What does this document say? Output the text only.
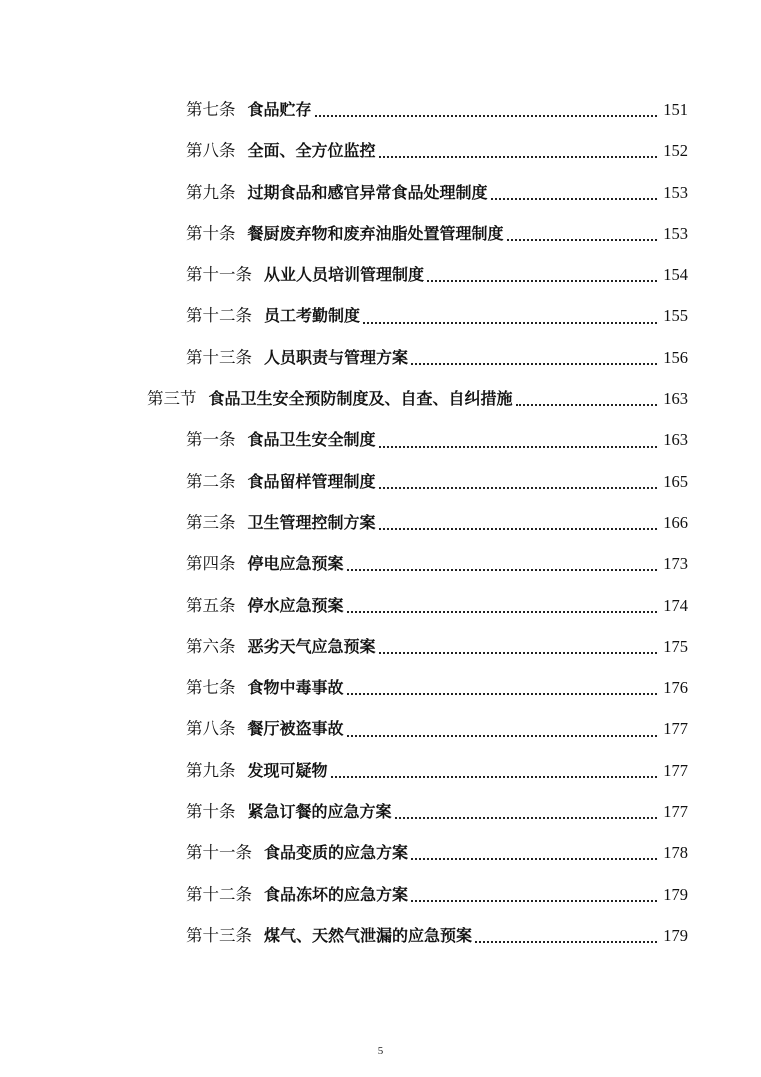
第七条 食品贮存	151
第八条 全面、全方位监控	152
第九条 过期食品和感官异常食品处理制度	153
第十条 餐厨废弃物和废弃油脂处置管理制度	153
第十一条 从业人员培训管理制度	154
第十二条 员工考勤制度	155
第十三条 人员职责与管理方案	156
第三节 食品卫生安全预防制度及、自查、自纠措施	163
第一条 食品卫生安全制度	163
第二条 食品留样管理制度	165
第三条 卫生管理控制方案	166
第四条 停电应急预案	173
第五条 停水应急预案	174
第六条 恶劣天气应急预案	175
第七条 食物中毒事故	176
第八条 餐厅被盗事故	177
第九条 发现可疑物	177
第十条 紧急订餐的应急方案	177
第十一条 食品变质的应急方案	178
第十二条 食品冻坏的应急方案	179
第十三条 煤气、天然气泄漏的应急预案	179
5
